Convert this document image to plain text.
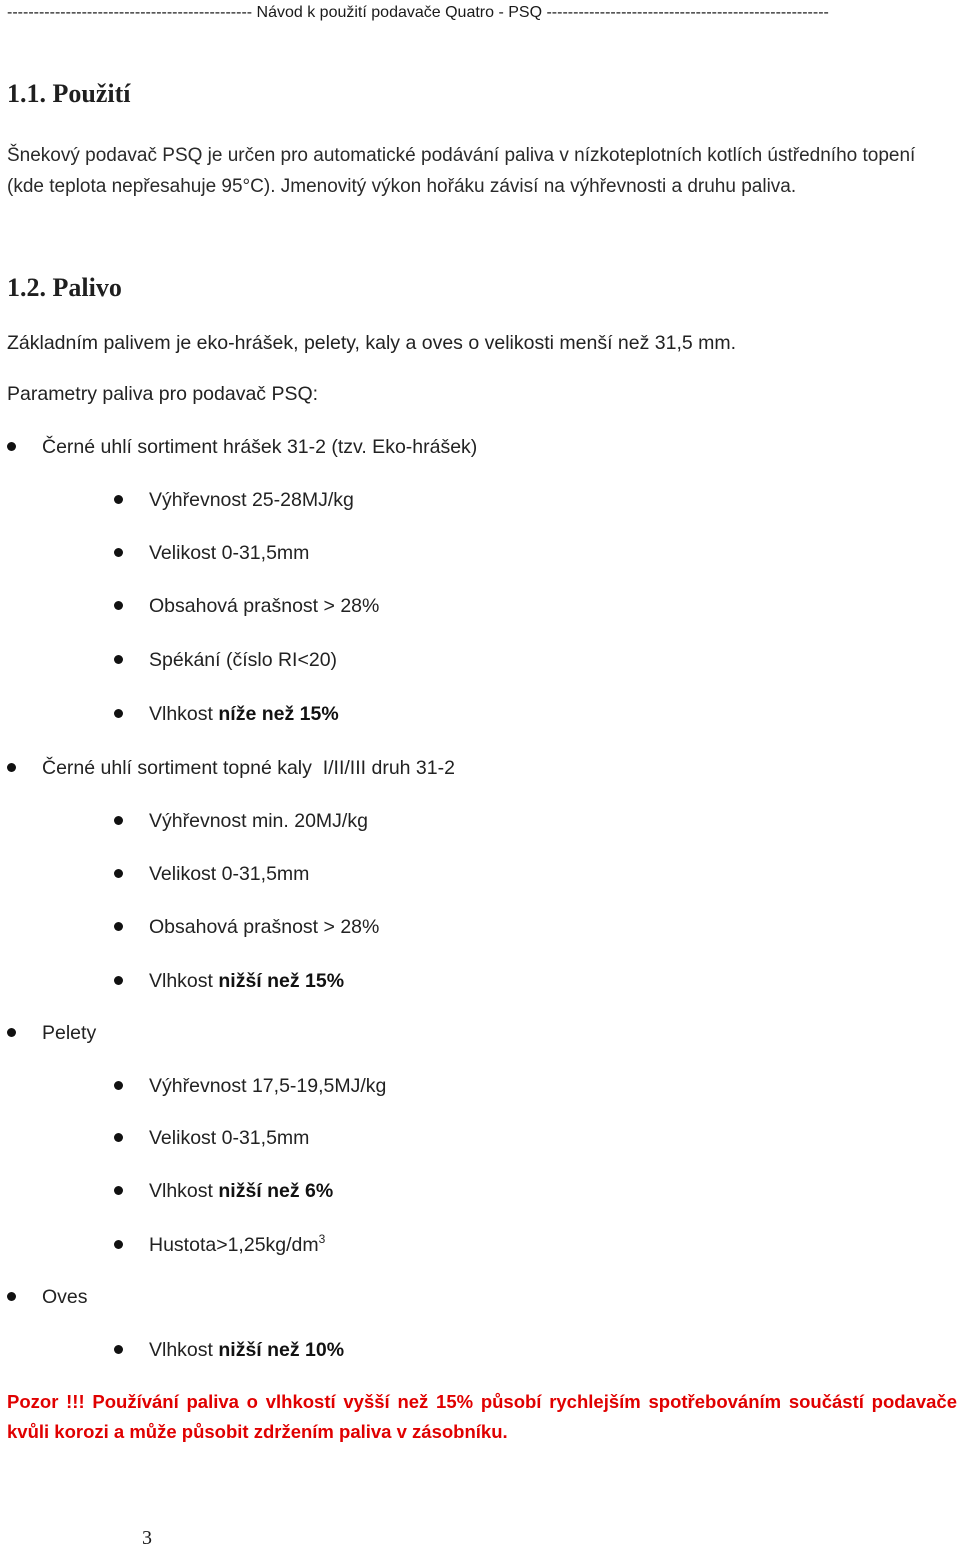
---------------------------------------------- Návod k použití podavače Quatro - PSQ -----------------------------------------------------
1.1. Použití
Šnekový podavač PSQ je určen pro automatické podávání paliva v nízkoteplotních kotlích ústředního topení
(kde teplota nepřesahuje 95°C). Jmenovitý výkon hořáku závisí na výhřevnosti a druhu paliva.
1.2. Palivo
Základním palivem je eko-hrášek, pelety, kaly a oves o velikosti menší než 31,5 mm.
Parametry paliva pro podavač PSQ:
Černé uhlí sortiment hrášek 31-2 (tzv. Eko-hrášek)
Výhřevnost 25-28MJ/kg
Velikost 0-31,5mm
Obsahová prašnost > 28%
Spékání (číslo RI<20)
Vlhkost níže než 15%
Černé uhlí sortiment topné kaly  I/II/III druh 31-2
Výhřevnost min. 20MJ/kg
Velikost 0-31,5mm
Obsahová prašnost > 28%
Vlhkost nižší než 15%
Pelety
Výhřevnost 17,5-19,5MJ/kg
Velikost 0-31,5mm
Vlhkost nižší než 6%
$Hustota>1,25kg/dm^3$
Oves
Vlhkost nižší než 10%
Pozor !!! Používání paliva o vlhkostí vyšší než 15% působí rychlejším spotřebováním součástí podavače
kvůli korozi a může působit zdržením paliva v zásobníku.
3
